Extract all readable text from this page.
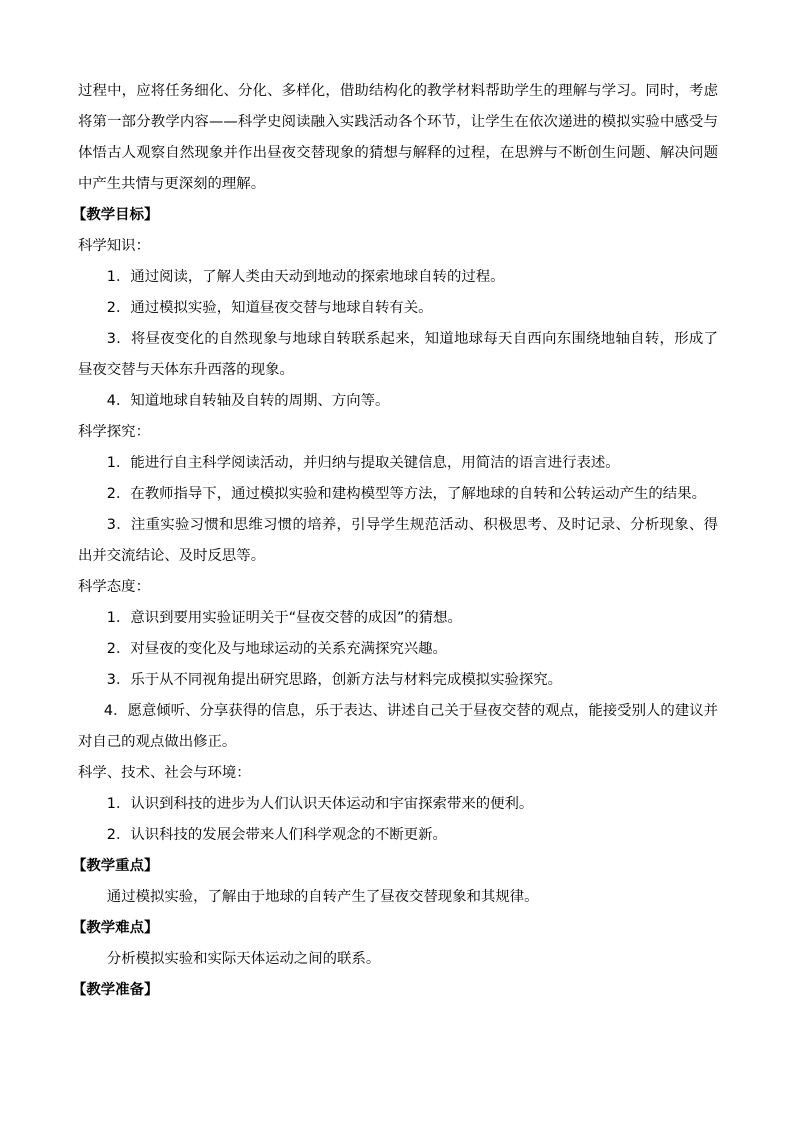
过程中，应将任务细化、分化、多样化，借助结构化的教学材料帮助学生的理解与学习。同时，考虑将第一部分教学内容——科学史阅读融入实践活动各个环节，让学生在依次递进的模拟实验中感受与体悟古人观察自然现象并作出昼夜交替现象的猜想与解释的过程，在思辨与不断创生问题、解决问题中产生共情与更深刻的理解。

【教学目标】

科学知识：

1．通过阅读，了解人类由天动到地动的探索地球自转的过程。

2．通过模拟实验，知道昼夜交替与地球自转有关。

3．将昼夜变化的自然现象与地球自转联系起来，知道地球每天自西向东围绕地轴自转，形成了昼夜交替与天体东升西落的现象。

4．知道地球自转轴及自转的周期、方向等。

科学探究：

1．能进行自主科学阅读活动，并归纳与提取关键信息，用简洁的语言进行表述。

2．在教师指导下，通过模拟实验和建构模型等方法，了解地球的自转和公转运动产生的结果。

3．注重实验习惯和思维习惯的培养，引导学生规范活动、积极思考、及时记录、分析现象、得出并交流结论、及时反思等。

科学态度：

1．意识到要用实验证明关于“昼夜交替的成因”的猜想。

2．对昼夜的变化及与地球运动的关系充满探究兴趣。

3．乐于从不同视角提出研究思路，创新方法与材料完成模拟实验探究。

4．愿意倾听、分享获得的信息，乐于表达、讲述自己关于昼夜交替的观点，能接受别人的建议并对自己的观点做出修正。

科学、技术、社会与环境：

1．认识到科技的进步为人们认识天体运动和宇宙探索带来的便利。

2．认识科技的发展会带来人们科学观念的不断更新。

【教学重点】

通过模拟实验，了解由于地球的自转产生了昼夜交替现象和其规律。

【教学难点】

分析模拟实验和实际天体运动之间的联系。

【教学准备】
